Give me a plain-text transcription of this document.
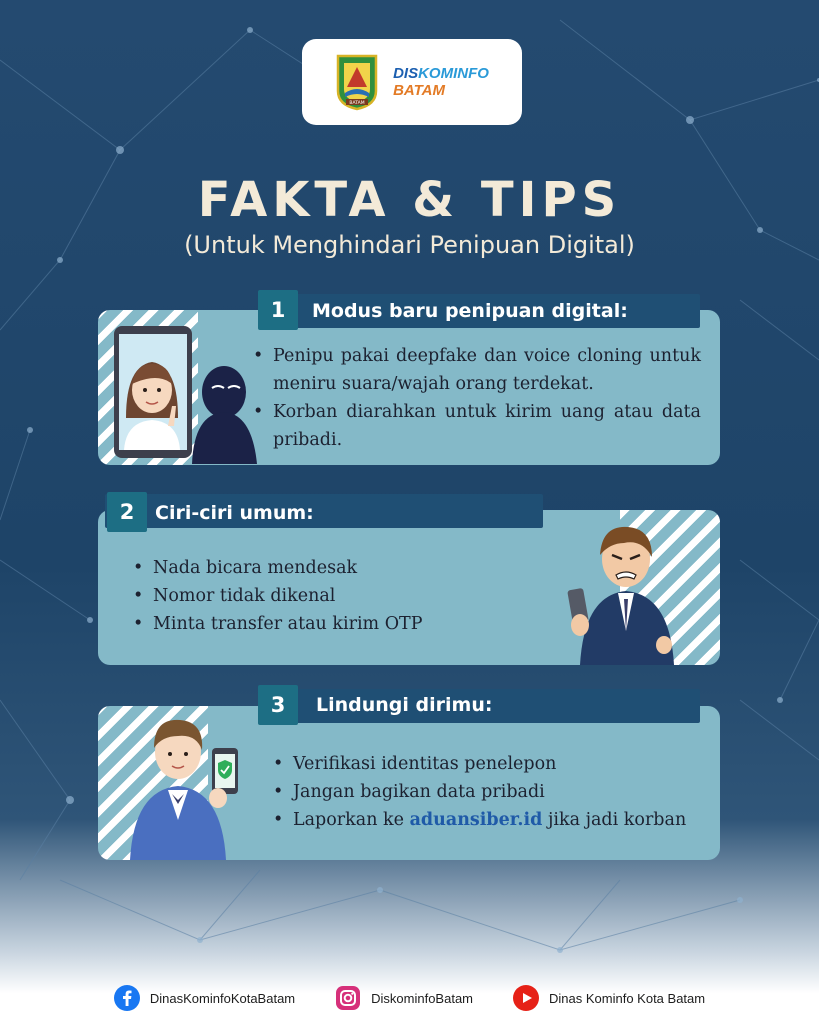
BATAM
DISKOMINFO
BATAM
FAKTA & TIPS
(Untuk Menghindari Penipuan Digital)
• Penipu pakai deepfake dan voice cloning untuk meniru suara/wajah orang terdekat.
• Korban diarahkan untuk kirim uang atau data pribadi.
1	Modus baru penipuan digital:
• Nada bicara mendesak
• Nomor tidak dikenal
• Minta transfer atau kirim OTP
2	Ciri-ciri umum:
• Verifikasi identitas penelepon
• Jangan bagikan data pribadi
• Laporkan ke aduansiber.id jika jadi korban
3	Lindungi dirimu:
DinasKominfoKotaBatam	DiskominfoBatam	Dinas Kominfo Kota Batam
